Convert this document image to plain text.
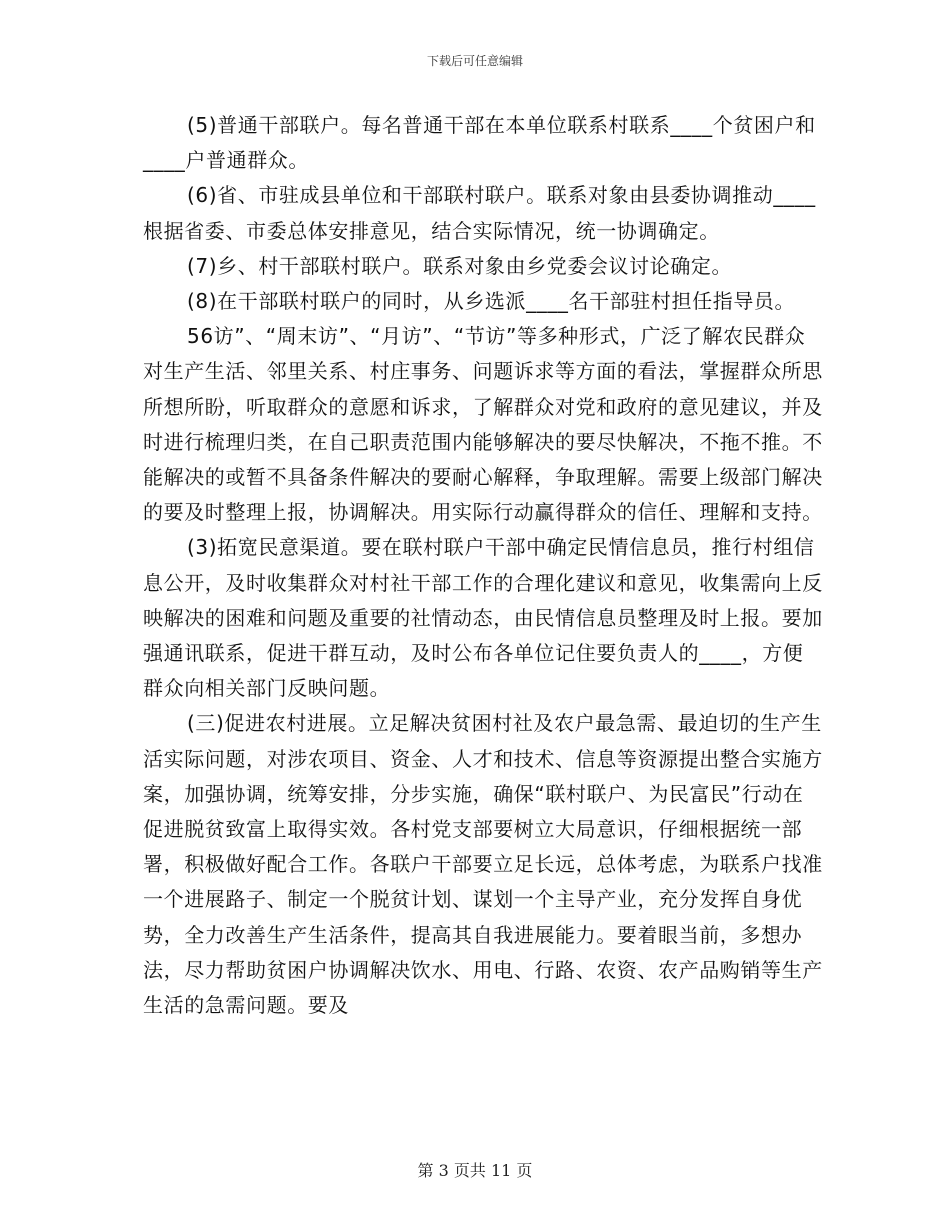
下载后可任意编辑

(5)普通干部联户。每名普通干部在本单位联系村联系____个贫困户和____户普通群众。

(6)省、市驻成县单位和干部联村联户。联系对象由县委协调推动____根据省委、市委总体安排意见，结合实际情况，统一协调确定。

(7)乡、村干部联村联户。联系对象由乡党委会议讨论确定。

(8)在干部联村联户的同时，从乡选派____名干部驻村担任指导员。

56访”、“周末访”、“月访”、“节访”等多种形式，广泛了解农民群众对生产生活、邻里关系、村庄事务、问题诉求等方面的看法，掌握群众所思所想所盼，听取群众的意愿和诉求，了解群众对党和政府的意见建议，并及时进行梳理归类，在自己职责范围内能够解决的要尽快解决，不拖不推。不能解决的或暂不具备条件解决的要耐心解释，争取理解。需要上级部门解决的要及时整理上报，协调解决。用实际行动赢得群众的信任、理解和支持。

(3)拓宽民意渠道。要在联村联户干部中确定民情信息员，推行村组信息公开，及时收集群众对村社干部工作的合理化建议和意见，收集需向上反映解决的困难和问题及重要的社情动态，由民情信息员整理及时上报。要加强通讯联系，促进干群互动，及时公布各单位记住要负责人的____，方便群众向相关部门反映问题。

(三)促进农村进展。立足解决贫困村社及农户最急需、最迫切的生产生活实际问题，对涉农项目、资金、人才和技术、信息等资源提出整合实施方案，加强协调，统筹安排，分步实施，确保“联村联户、为民富民”行动在促进脱贫致富上取得实效。各村党支部要树立大局意识，仔细根据统一部署，积极做好配合工作。各联户干部要立足长远，总体考虑，为联系户找准一个进展路子、制定一个脱贫计划、谋划一个主导产业，充分发挥自身优势，全力改善生产生活条件，提高其自我进展能力。要着眼当前，多想办法，尽力帮助贫困户协调解决饮水、用电、行路、农资、农产品购销等生产生活的急需问题。要及

第 3 页共 11 页
